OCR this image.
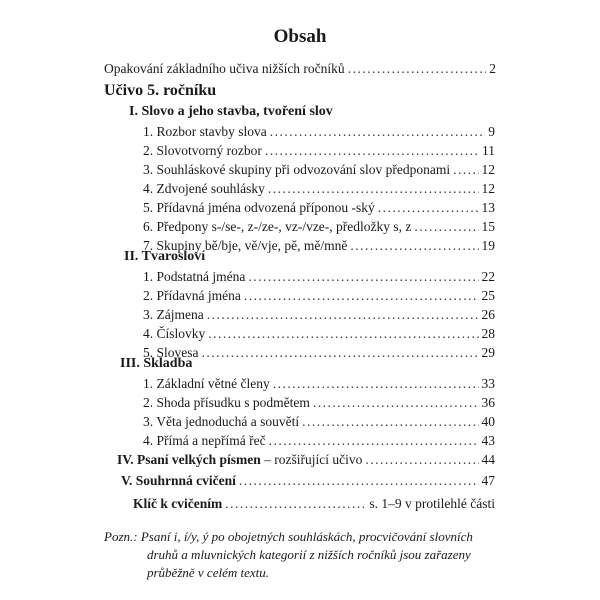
Obsah
Opakování základního učiva nižších ročníků .....	2
Učivo 5. ročníku
I. Slovo a jeho stavba, tvoření slov
1. Rozbor stavby slova .....	9
2. Slovotvorný rozbor .....	11
3. Souhláskové skupiny při odvozování slov předponami ..... 12
4. Zdvojené souhlásky .....	12
5. Přídavná jména odvozená příponou -ský .....	13
6. Předpony s-/se-, z-/ze-, vz-/vze-, předložky s, z .....	15
7. Skupiny bě/bje, vě/vje, pě, mě/mně .....	19
II. Tvarosloví
1. Podstatná jména .....	22
2. Přídavná jména .....	25
3. Zájmena .....	26
4. Číslovky .....	28
5. Slovesa .....	29
III. Skladba
1. Základní větné členy .....	33
2. Shoda přísudku s podmětem .....	36
3. Věta jednoduchá a souvětí .....	40
4. Přímá a nepřímá řeč .....	43
IV. Psaní velkých písmen – rozšiřující učivo .....	44
V. Souhrnná cvičení .....	47
Klíč k cvičením .....	s. 1–9 v protilehlé části
Pozn.: Psaní i, í/y, ý po obojetných souhláskách, procvičování slovních
druhů a mluvnických kategorií z nižších ročníků jsou zařazeny
průběžně v celém textu.
